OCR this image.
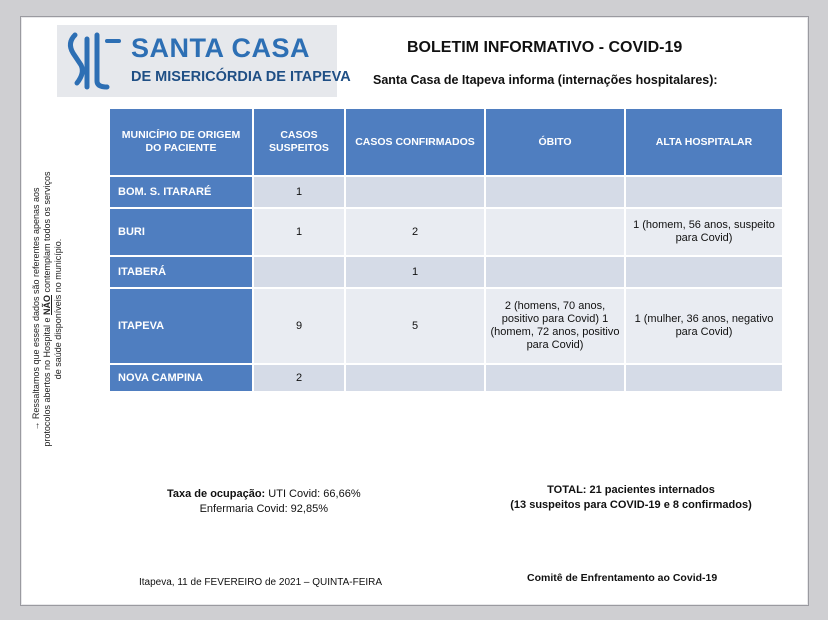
SANTA CASA
DE MISERICÓRDIA DE ITAPEVA
BOLETIM INFORMATIVO - COVID-19
Santa Casa de Itapeva informa (internações hospitalares):
→ Ressaltamos que esses dados são referentes apenas aos protocolos abertos no Hospital e NÃO contemplam todos os serviços de saúde disponíveis no município.
MUNICÍPIO DE ORIGEM DO PACIENTE	CASOS SUSPEITOS	CASOS CONFIRMADOS	ÓBITO	ALTA HOSPITALAR
BOM. S. ITARARÉ	1			
BURI	1	2		1 (homem, 56 anos, suspeito para Covid)
ITABERÁ		1		
ITAPEVA	9	5	2 (homens, 70 anos, positivo para Covid) 1 (homem, 72 anos, positivo para Covid)	1 (mulher, 36 anos, negativo para Covid)
NOVA CAMPINA	2			
Taxa de ocupação: UTI Covid: 66,66%
Enfermaria Covid: 92,85%
TOTAL: 21 pacientes internados
(13 suspeitos para COVID-19 e 8 confirmados)
Itapeva, 11 de FEVEREIRO de 2021 – QUINTA-FEIRA	Comitê de Enfrentamento ao Covid-19
